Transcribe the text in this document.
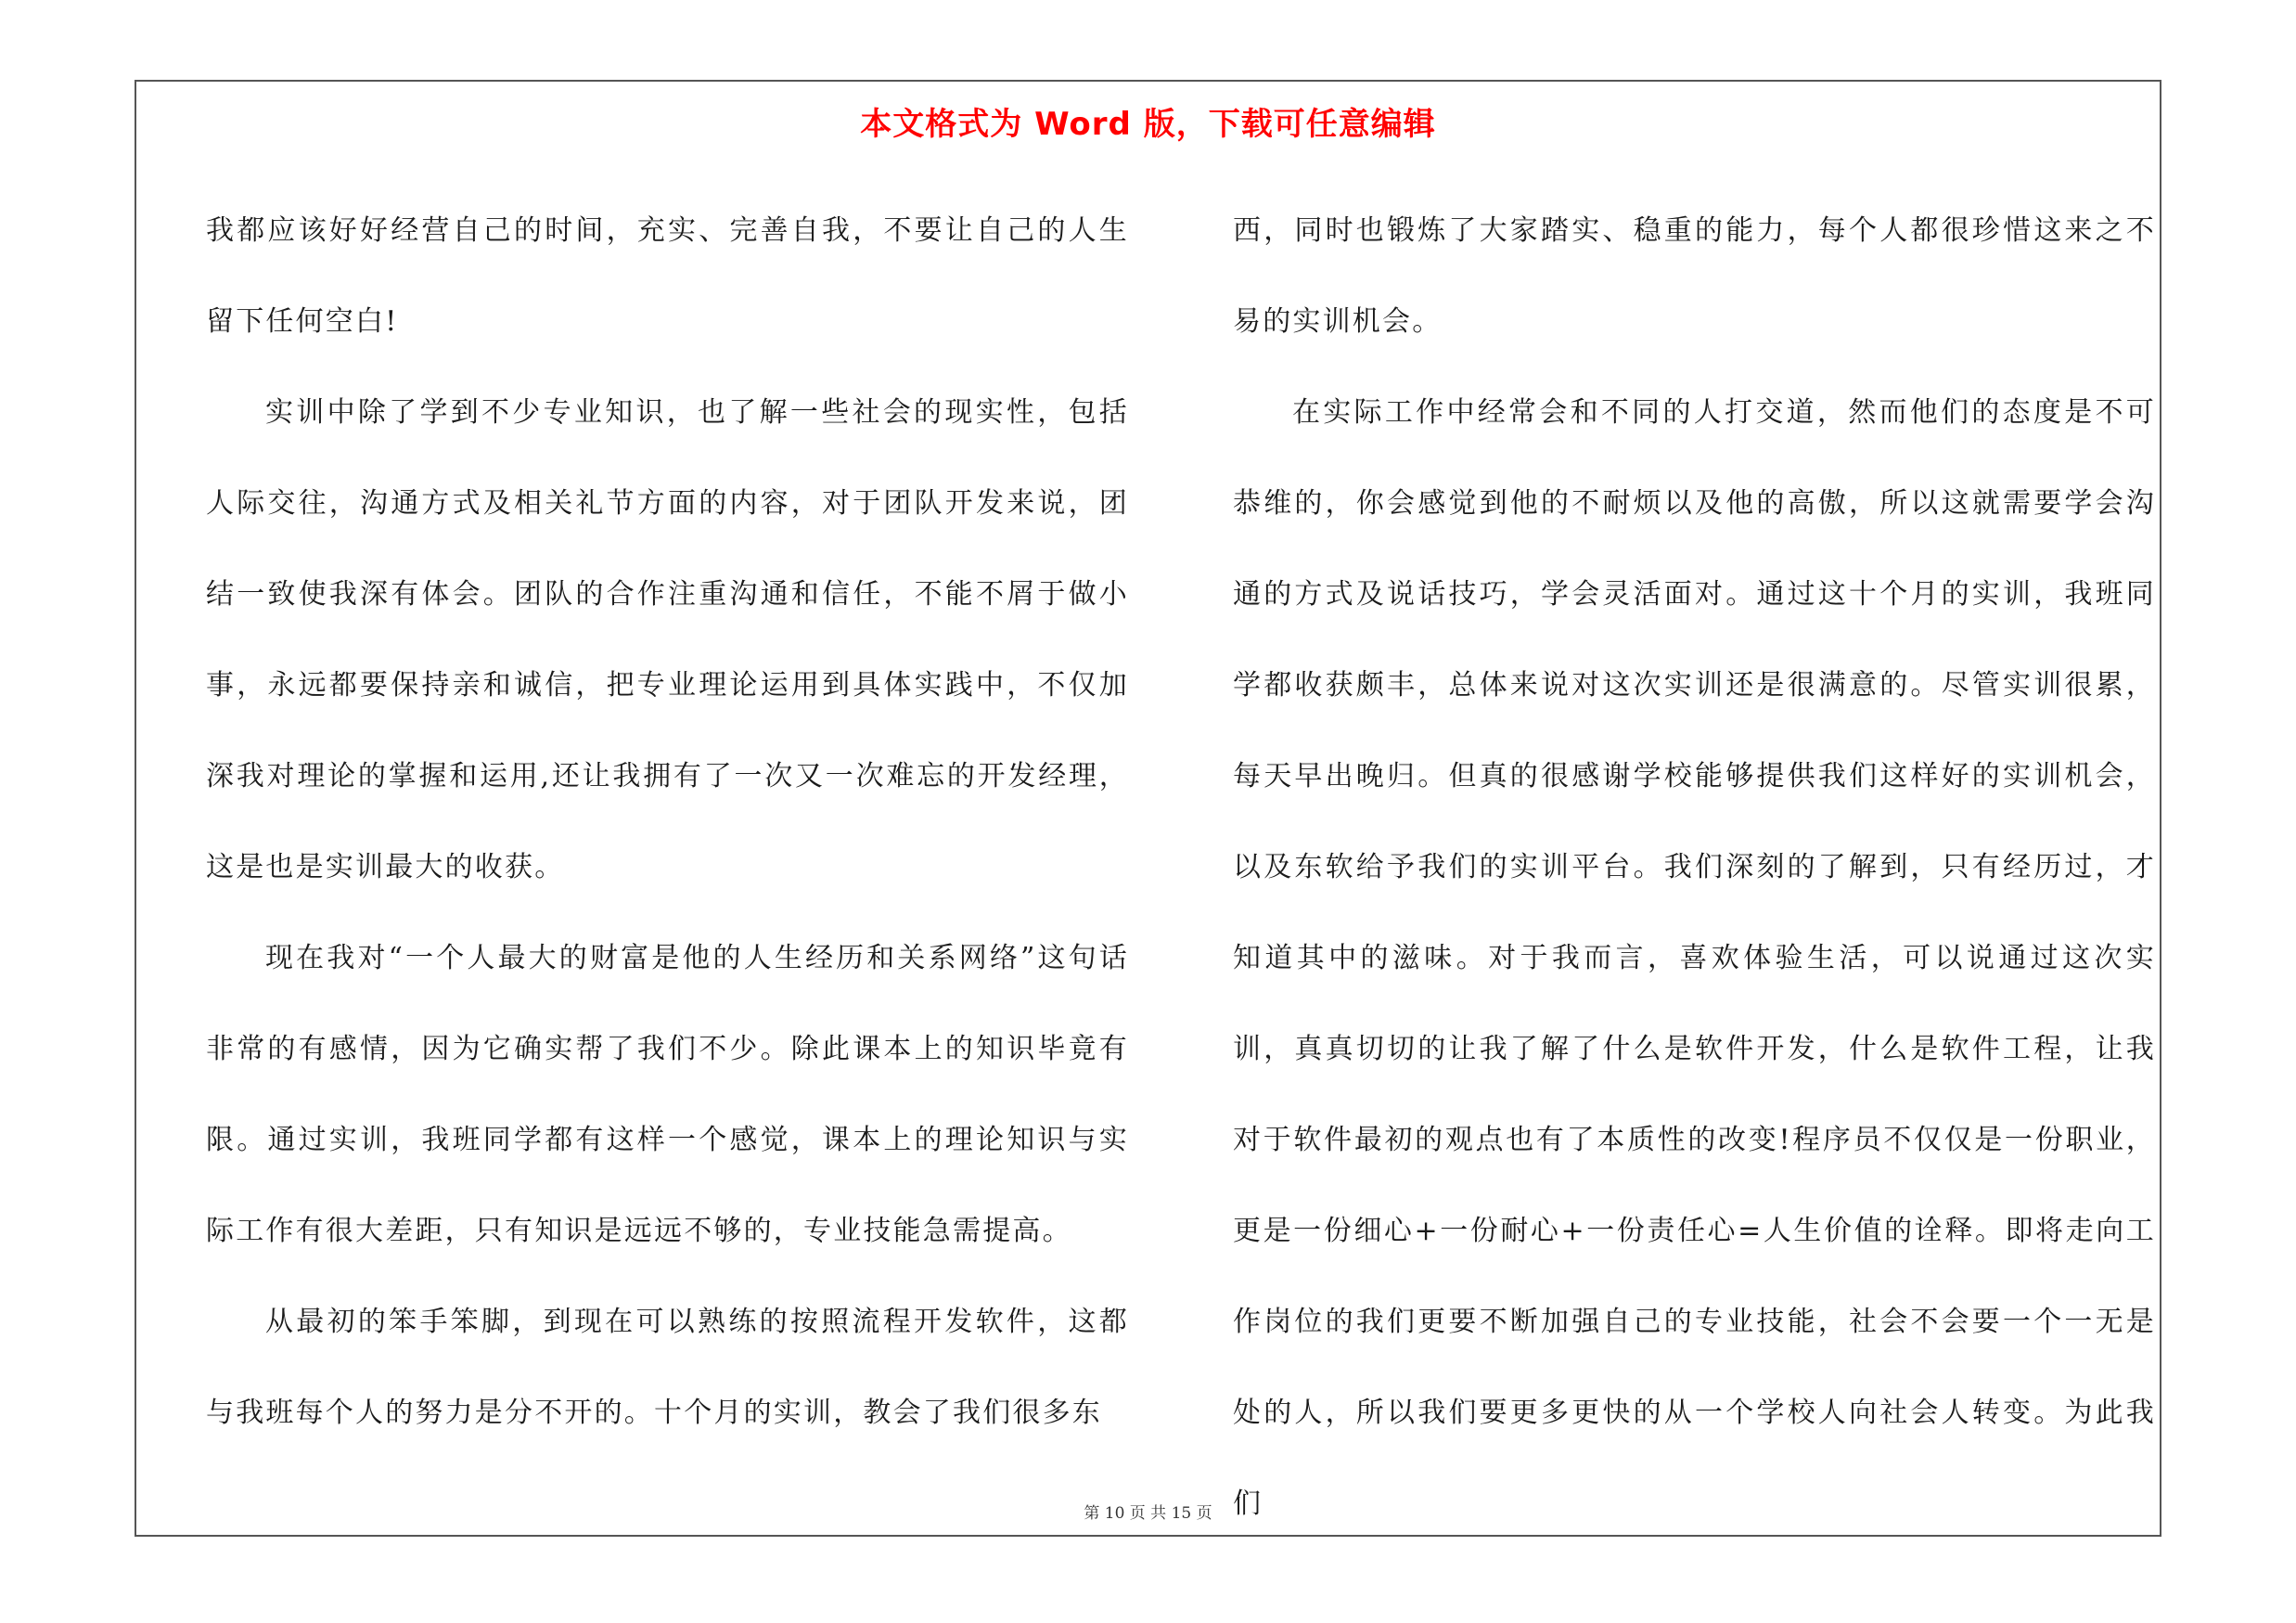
本文格式为 Word 版，下载可任意编辑

我都应该好好经营自己的时间，充实、完善自我，不要让自己的人生留下任何空白!

实训中除了学到不少专业知识，也了解一些社会的现实性，包括人际交往，沟通方式及相关礼节方面的内容，对于团队开发来说，团结一致使我深有体会。团队的合作注重沟通和信任，不能不屑于做小事，永远都要保持亲和诚信，把专业理论运用到具体实践中，不仅加深我对理论的掌握和运用,还让我拥有了一次又一次难忘的开发经理，这是也是实训最大的收获。

现在我对“一个人最大的财富是他的人生经历和关系网络”这句话非常的有感情，因为它确实帮了我们不少。除此课本上的知识毕竟有限。通过实训，我班同学都有这样一个感觉，课本上的理论知识与实际工作有很大差距，只有知识是远远不够的，专业技能急需提高。

从最初的笨手笨脚，到现在可以熟练的按照流程开发软件，这都与我班每个人的努力是分不开的。十个月的实训，教会了我们很多东

西，同时也锻炼了大家踏实、稳重的能力，每个人都很珍惜这来之不易的实训机会。

在实际工作中经常会和不同的人打交道，然而他们的态度是不可恭维的，你会感觉到他的不耐烦以及他的高傲，所以这就需要学会沟通的方式及说话技巧，学会灵活面对。通过这十个月的实训，我班同学都收获颇丰，总体来说对这次实训还是很满意的。尽管实训很累，每天早出晚归。但真的很感谢学校能够提供我们这样好的实训机会，以及东软给予我们的实训平台。我们深刻的了解到，只有经历过，才知道其中的滋味。对于我而言，喜欢体验生活，可以说通过这次实训，真真切切的让我了解了什么是软件开发，什么是软件工程，让我对于软件最初的观点也有了本质性的改变!程序员不仅仅是一份职业，更是一份细心+一份耐心+一份责任心=人生价值的诠释。即将走向工作岗位的我们更要不断加强自己的专业技能，社会不会要一个一无是处的人，所以我们要更多更快的从一个学校人向社会人转变。为此我们

第 10 页 共 15 页
